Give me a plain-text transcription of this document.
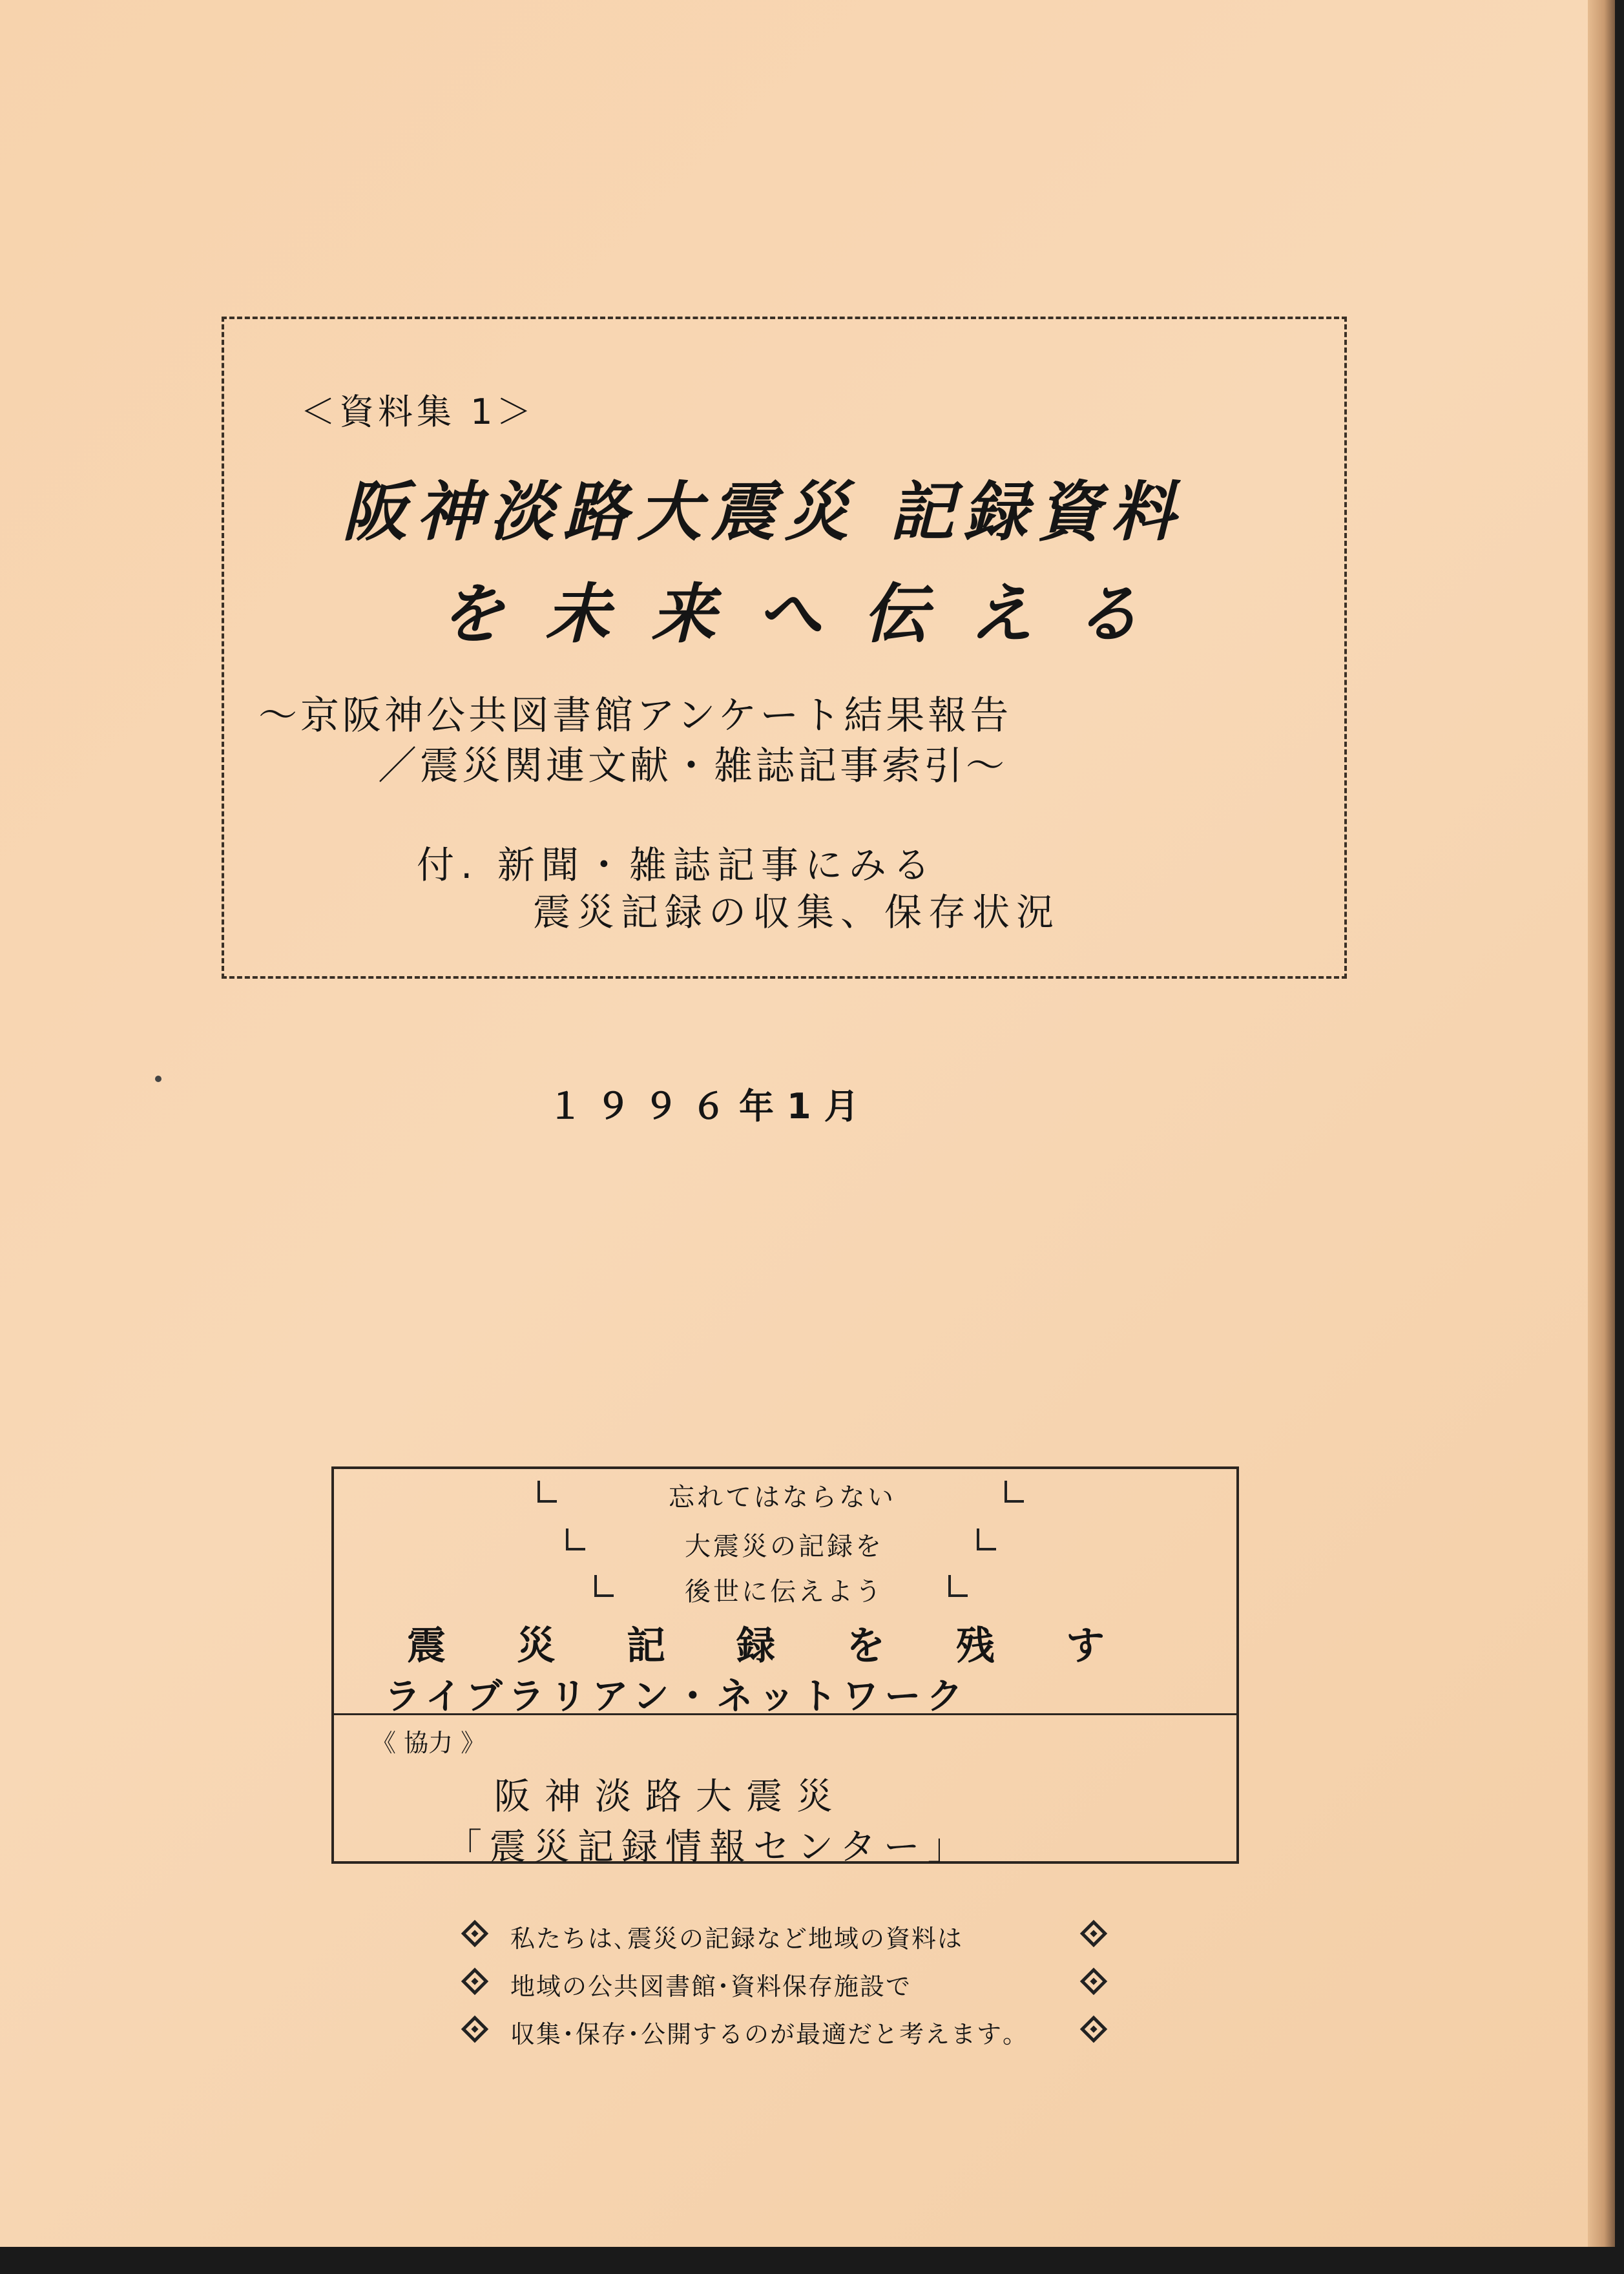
＜資料集 1＞
阪神淡路大震災 記録資料
を未来へ伝える
～京阪神公共図書館アンケート結果報告
／震災関連文献・雑誌記事索引～
付. 新聞・雑誌記事にみる
震災記録の収集、保存状況
１９９６年1月
忘れてはならない
大震災の記録を
後世に伝えよう
震災記録を残す
ライブラリアン・ネットワーク
《 協力 》
阪神淡路大震災
「震災記録情報センター」
私たちは､震災の記録など地域の資料は
地域の公共図書館･資料保存施設で
収集･保存･公開するのが最適だと考えます｡
